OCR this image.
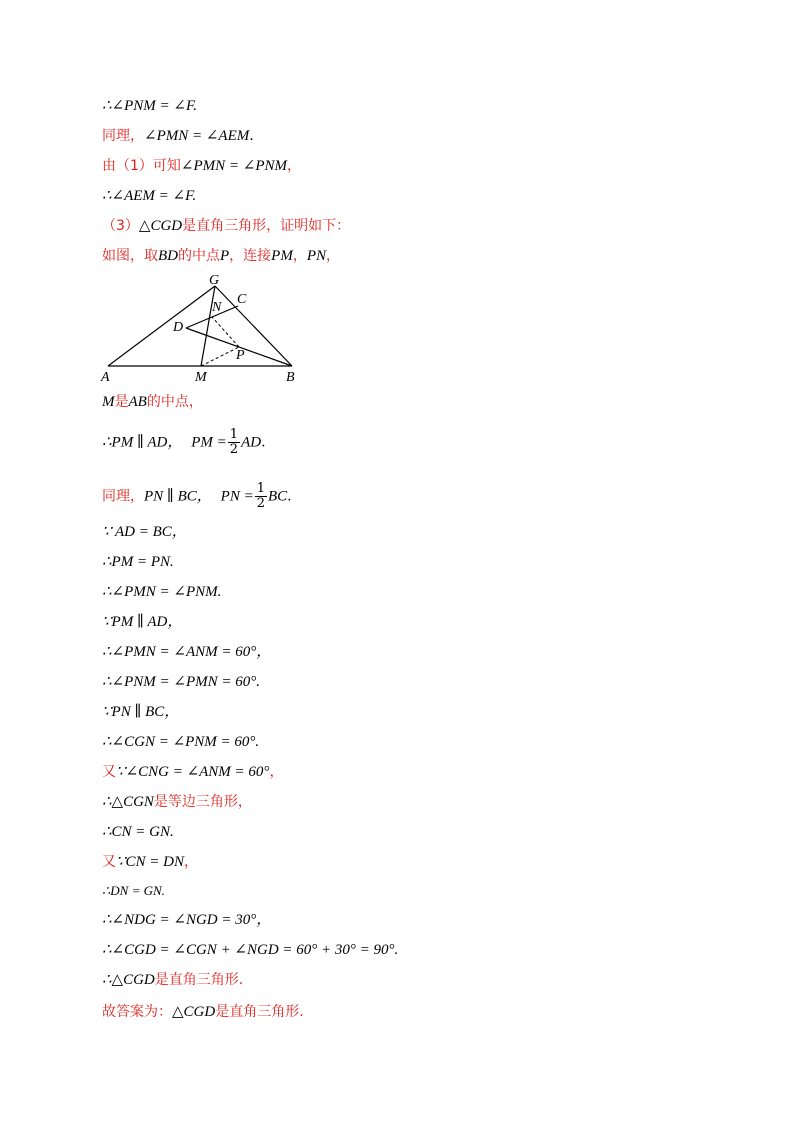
∴∠PNM = ∠F.
同理，∠PMN = ∠AEM.
由（1）可知∠PMN = ∠PNM，
∴∠AEM = ∠F.
（3）△CGD是直角三角形，证明如下：
如图，取BD的中点P，连接PM，PN，
G
C
N
D
P
A	M	B
M是AB的中点，
∴PM ∥ AD， PM = $\frac{1}{2}$ AD.
同理，PN ∥ BC， PN = $\frac{1}{2}$ BC.
∵ AD = BC，
∴PM = PN.
∴∠PMN = ∠PNM.
∵PM ∥ AD，
∴∠PMN = ∠ANM = 60°，
∴∠PNM = ∠PMN = 60°.
∵PN ∥ BC，
∴∠CGN = ∠PNM = 60°.
又∵∠CNG = ∠ANM = 60°，
∴△CGN是等边三角形，
∴CN = GN.
又∵CN = DN，
∴DN = GN.
∴∠NDG = ∠NGD = 30°，
∴∠CGD = ∠CGN + ∠NGD = 60° + 30° = 90°.
∴△CGD是直角三角形.
故答案为：△CGD是直角三角形.
